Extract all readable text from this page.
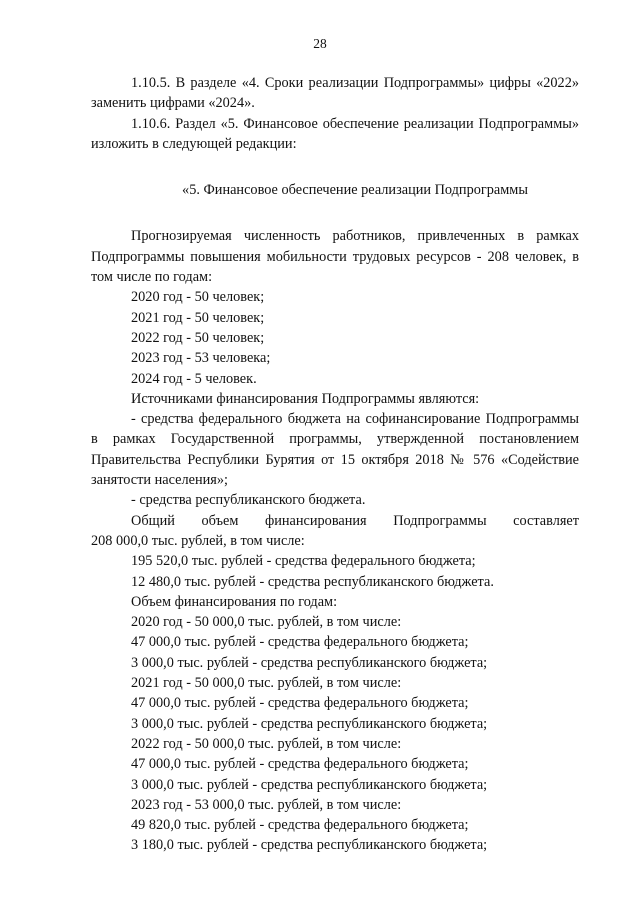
28

1.10.5. В разделе «4. Сроки реализации Подпрограммы» цифры «2022» заменить цифрами «2024».

1.10.6. Раздел «5. Финансовое обеспечение реализации Подпрограммы» изложить в следующей редакции:

«5. Финансовое обеспечение реализации Подпрограммы

Прогнозируемая численность работников, привлеченных в рамках Подпрограммы повышения мобильности трудовых ресурсов - 208 человек, в том числе по годам:

2020 год - 50 человек;

2021 год - 50 человек;

2022 год - 50 человек;

2023 год - 53 человека;

2024 год - 5 человек.

Источниками финансирования Подпрограммы являются:

- средства федерального бюджета на софинансирование Подпрограммы в рамках Государственной программы, утвержденной постановлением Правительства Республики Бурятия от 15 октября 2018 № 576 «Содействие занятости населения»;

- средства республиканского бюджета.

Общий объем финансирования Подпрограммы составляет

208 000,0 тыс. рублей, в том числе:

195 520,0 тыс. рублей - средства федерального бюджета;

12 480,0 тыс. рублей - средства республиканского бюджета.

Объем финансирования по годам:

2020 год - 50 000,0 тыс. рублей, в том числе:

47 000,0 тыс. рублей - средства федерального бюджета;

3 000,0 тыс. рублей - средства республиканского бюджета;

2021 год - 50 000,0 тыс. рублей, в том числе:

47 000,0 тыс. рублей - средства федерального бюджета;

3 000,0 тыс. рублей - средства республиканского бюджета;

2022 год - 50 000,0 тыс. рублей, в том числе:

47 000,0 тыс. рублей - средства федерального бюджета;

3 000,0 тыс. рублей - средства республиканского бюджета;

2023 год - 53 000,0 тыс. рублей, в том числе:

49 820,0 тыс. рублей - средства федерального бюджета;

3 180,0 тыс. рублей - средства республиканского бюджета;
